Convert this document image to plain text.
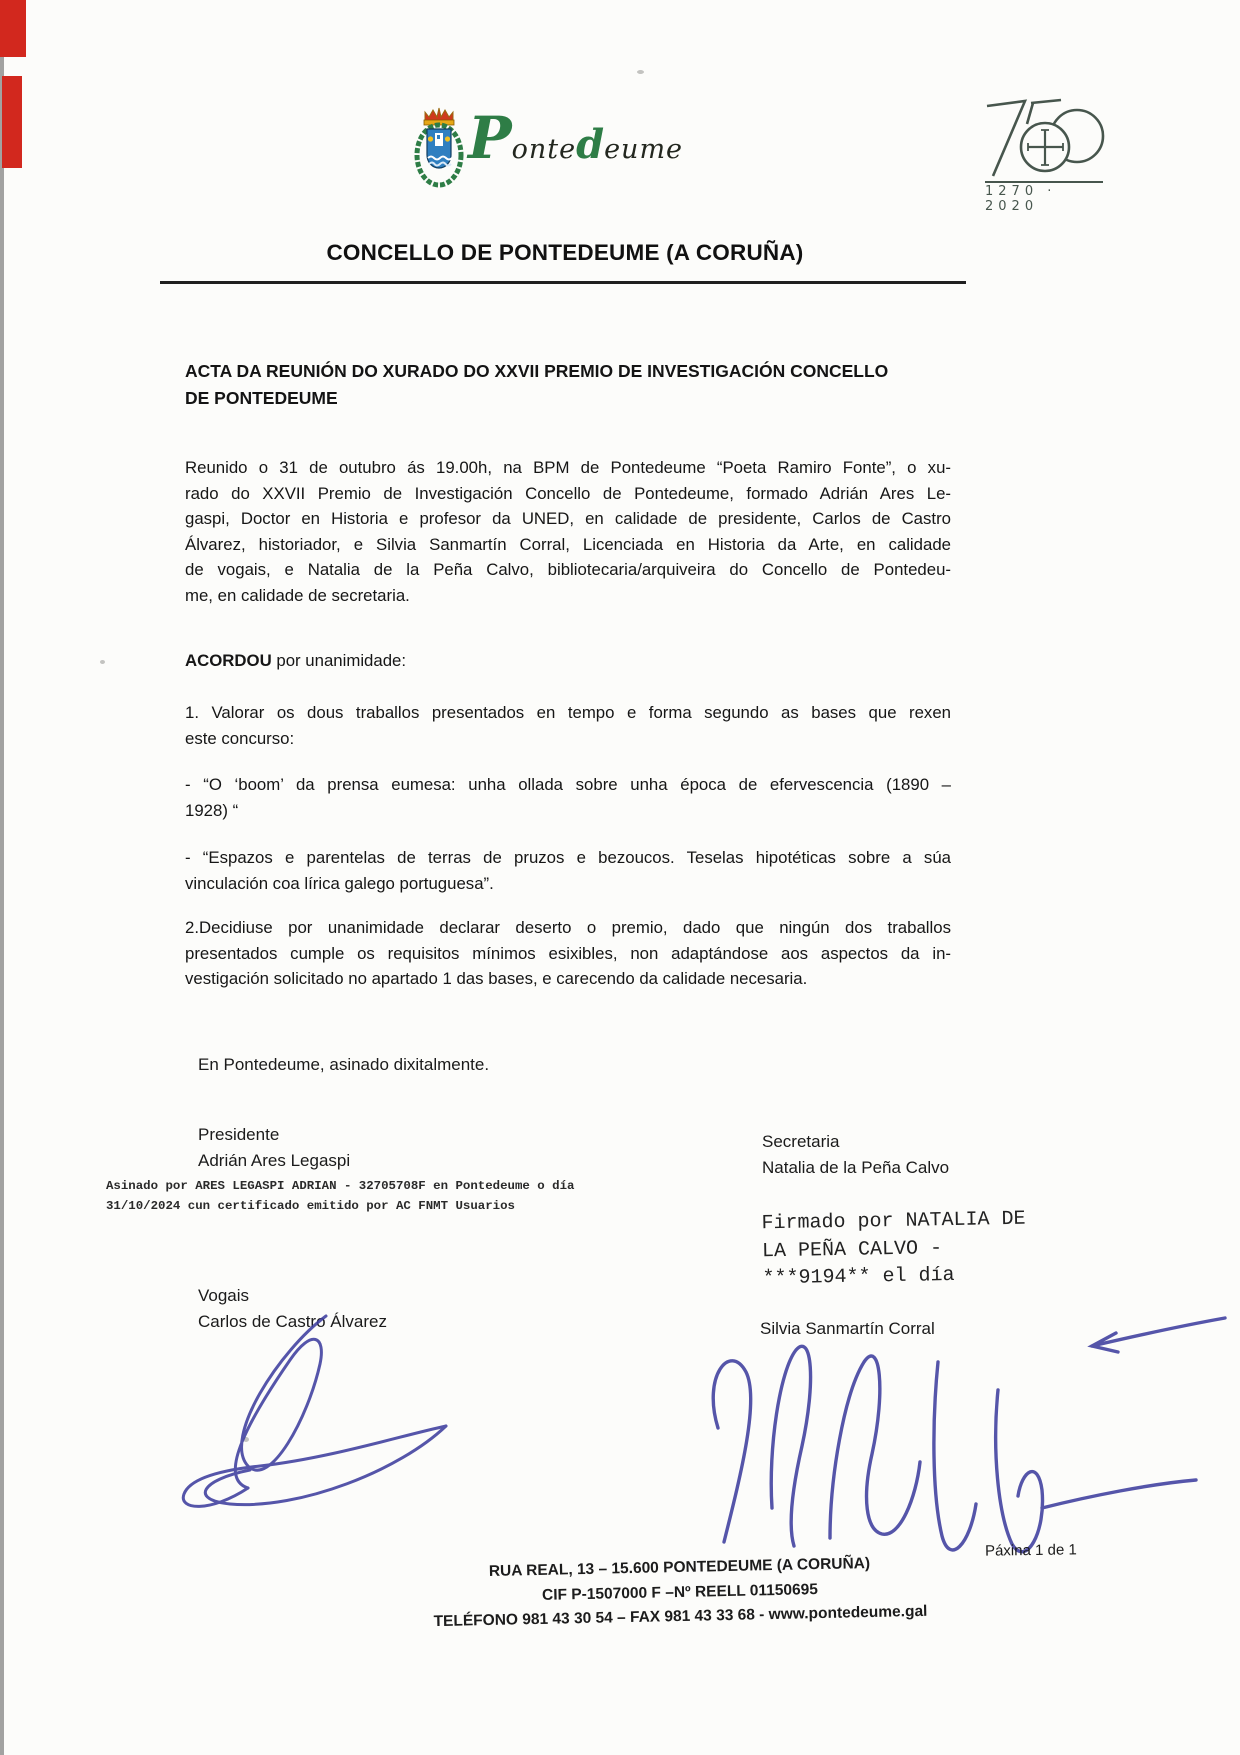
Pontedeume
1270 · 2020
CONCELLO DE PONTEDEUME (A CORUÑA)
ACTA DA REUNIÓN DO XURADO DO XXVII PREMIO DE INVESTIGACIÓN CONCELLO
DE PONTEDEUME
Reunido o 31 de outubro ás 19.00h, na BPM de Pontedeume “Poeta Ramiro Fonte”, o xu-
rado do XXVII Premio de Investigación Concello de Pontedeume, formado Adrián Ares Le-
gaspi, Doctor en Historia e profesor da UNED, en calidade de presidente, Carlos de Castro
Álvarez, historiador, e Silvia Sanmartín Corral, Licenciada en Historia da Arte, en calidade
de vogais, e Natalia de la Peña Calvo, bibliotecaria/arquiveira do Concello de Pontedeu-
me, en calidade de secretaria.
ACORDOU por unanimidade:
1. Valorar os dous traballos presentados en tempo e forma segundo as bases que rexen
este concurso:
- “O ‘boom’ da prensa eumesa: unha ollada sobre unha época de efervescencia (1890 –
1928) “
- “Espazos e parentelas de terras de pruzos e bezoucos. Teselas hipotéticas sobre a súa
vinculación coa lírica galego portuguesa”.
2.Decidiuse por unanimidade declarar deserto o premio, dado que ningún dos traballos
presentados cumple os requisitos mínimos esixibles, non adaptándose aos aspectos da in-
vestigación solicitado no apartado 1 das bases, e carecendo da calidade necesaria.
En Pontedeume, asinado dixitalmente.
Presidente
Adrián Ares Legaspi
Asinado por ARES LEGASPI ADRIAN - 32705708F en Pontedeume o día
31/10/2024 cun certificado emitido por AC FNMT Usuarios
Secretaria
Natalia de la Peña Calvo
Firmado por NATALIA DE
LA PEÑA CALVO -
***9194** el día
Vogais
Carlos de Castro Álvarez	Silvia Sanmartín Corral
RUA REAL, 13 – 15.600 PONTEDEUME (A CORUÑA)
CIF P-1507000 F –Nº REELL 01150695
TELÉFONO 981 43 30 54 – FAX 981 43 33 68 - www.pontedeume.gal
Páxina 1 de 1
